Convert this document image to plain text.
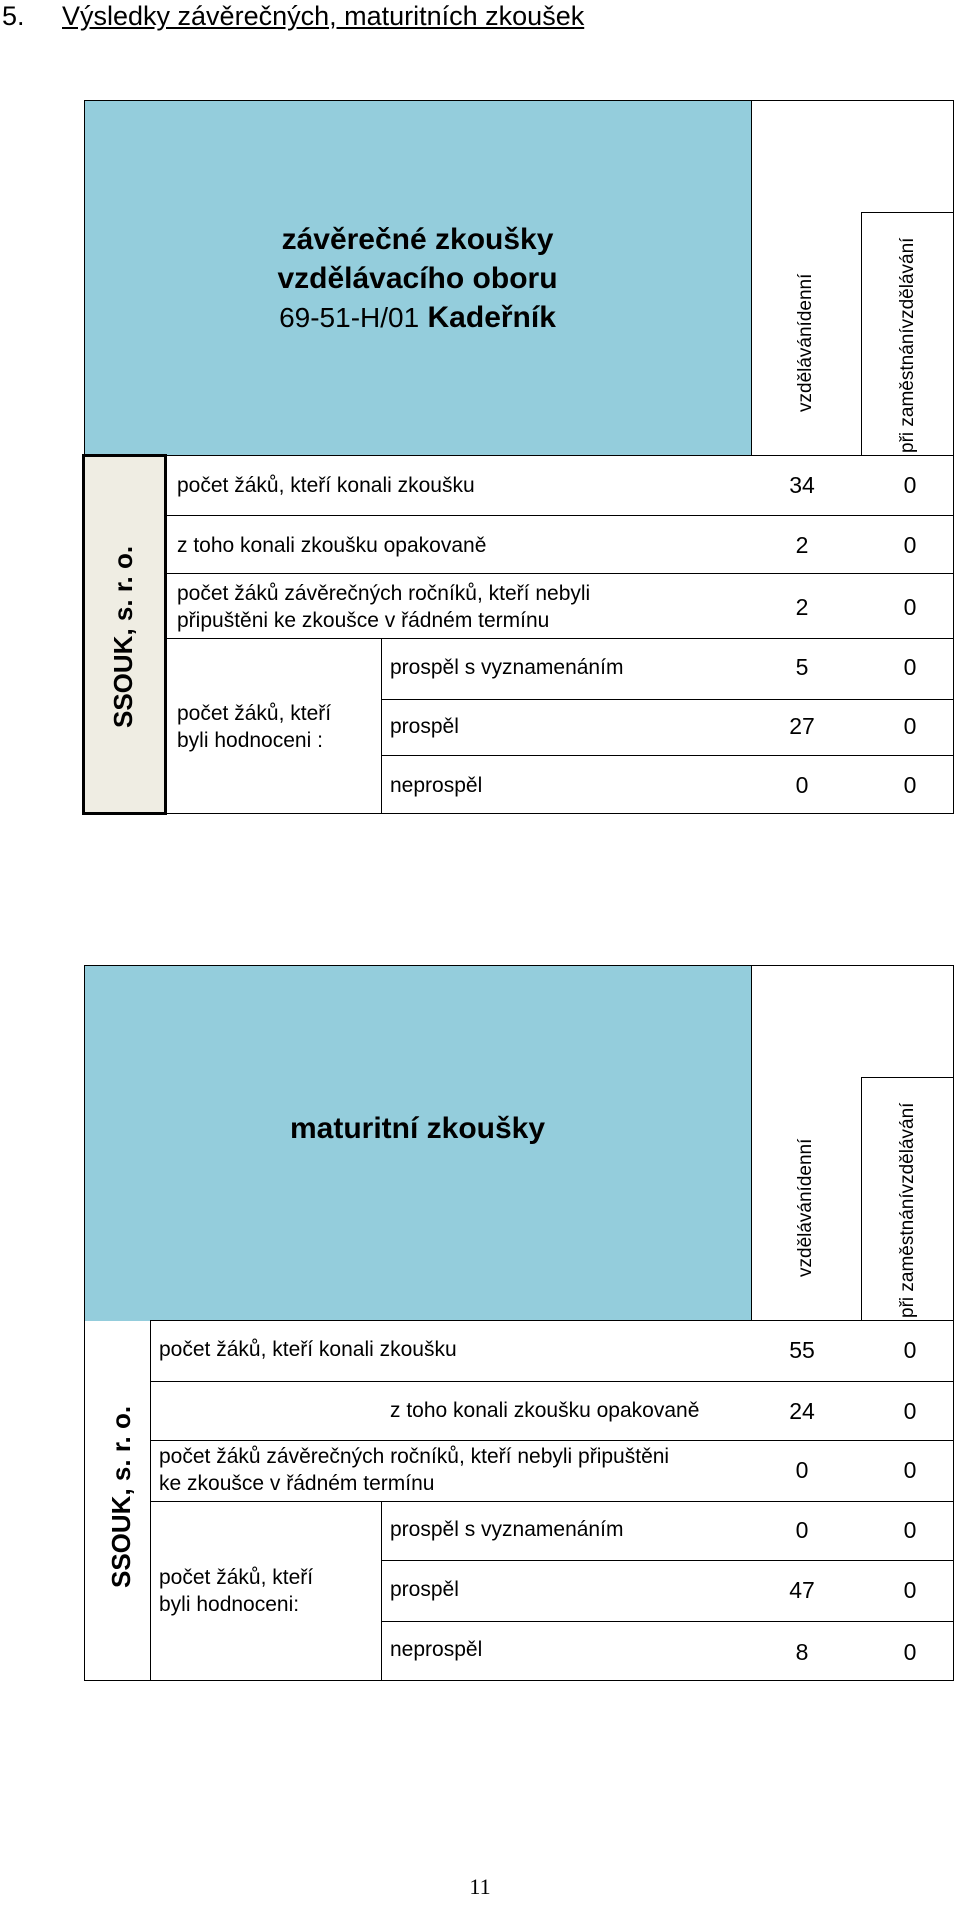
5. Výsledky závěrečných, maturitních zkoušek
závěrečné zkoušky
vzdělávacího oboru
69-51-H/01 Kadeřník	vzdělávánídenní	při zaměstnánívzdělávání
SSOUK, s. r. o.
počet žáků, kteří konali zkoušku	34	0
z toho konali zkoušku opakovaně	2	0
počet žáků závěrečných ročníků, kteří nebyli
připuštěni ke zkoušce v řádném termínu
2	0
počet žáků, kteří
byli hodnoceni :
prospěl s vyznamenáním	5	0
prospěl	27	0
neprospěl	0	0
maturitní zkoušky
vzdělávánídenní	při zaměstnánívzdělávání
SSOUK, s. r. o.
počet žáků, kteří konali zkoušku	55	0
z toho konali zkoušku opakovaně	24	0
počet žáků závěrečných ročníků, kteří nebyli připuštěni
ke zkoušce v řádném termínu
0	0
počet žáků, kteří
byli hodnoceni:
prospěl s vyznamenáním	0	0
prospěl	47	0
neprospěl	8	0
11
